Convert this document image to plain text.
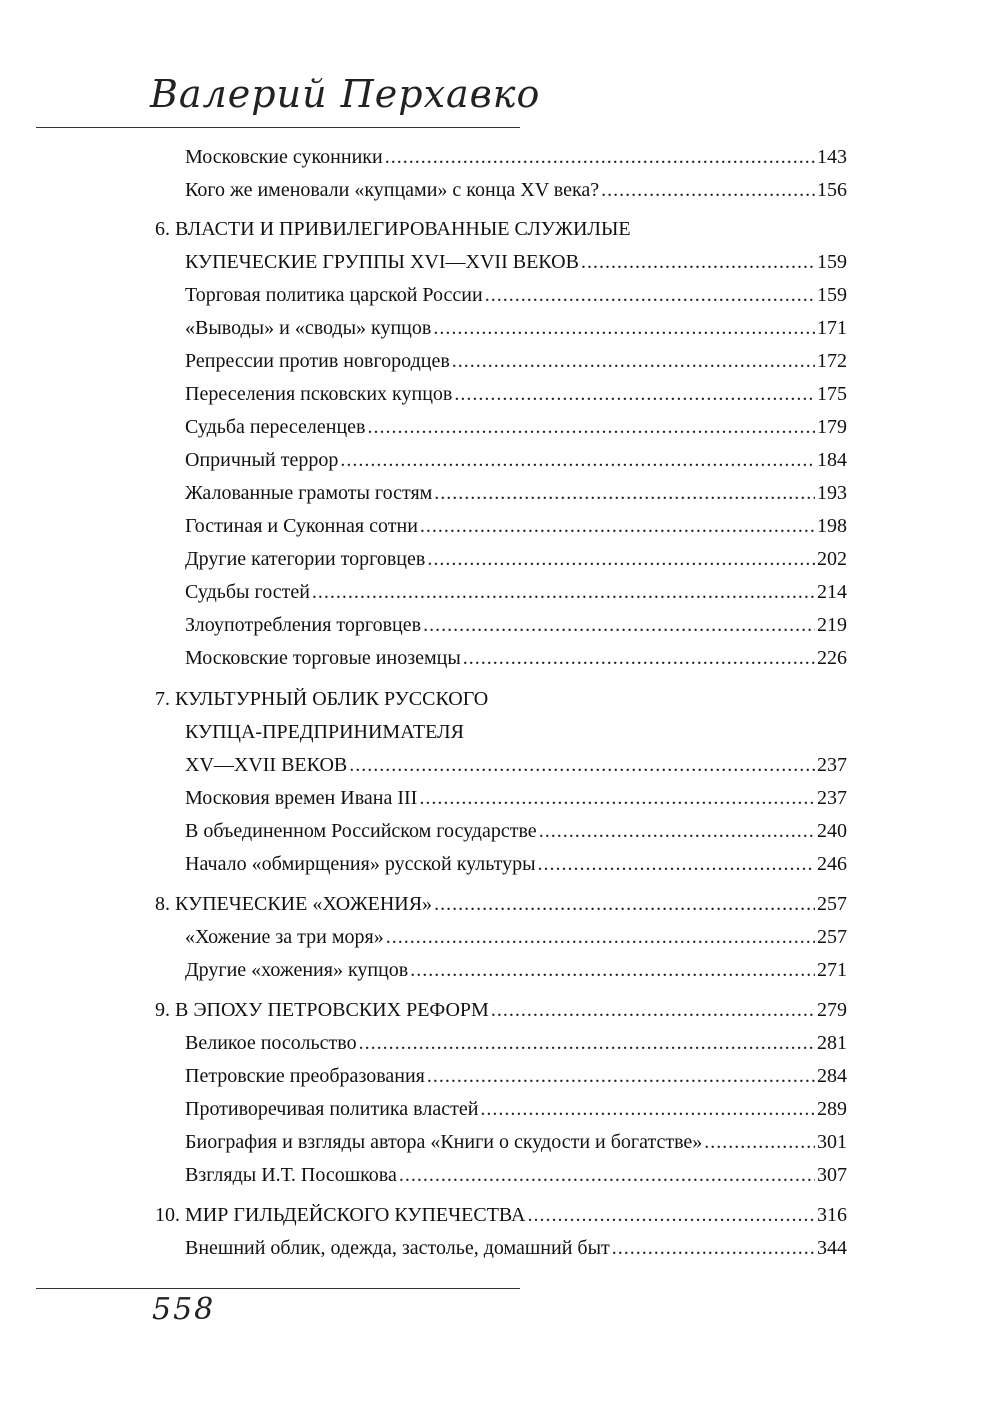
Валерий Перхавко
Московские суконники .....	143
Кого же именовали «купцами» с конца XV века? .....	156
6. ВЛАСТИ И ПРИВИЛЕГИРОВАННЫЕ СЛУЖИЛЫЕ
КУПЕЧЕСКИЕ ГРУППЫ XVI—XVII ВЕКОВ .....	159
Торговая политика царской России .....	159
«Выводы» и «своды» купцов .....	171
Репрессии против новгородцев .....	172
Переселения псковских купцов .....	175
Судьба переселенцев .....	179
Опричный террор .....	184
Жалованные грамоты гостям .....	193
Гостиная и Суконная сотни .....	198
Другие категории торговцев .....	202
Судьбы гостей .....	214
Злоупотребления торговцев .....	219
Московские торговые иноземцы .....	226
7. КУЛЬТУРНЫЙ ОБЛИК РУССКОГО
КУПЦА-ПРЕДПРИНИМАТЕЛЯ
XV—XVII ВЕКОВ .....	237
Московия времен Ивана III .....	237
В объединенном Российском государстве .....	240
Начало «обмирщения» русской культуры .....	246
8. КУПЕЧЕСКИЕ «ХОЖЕНИЯ» .....	257
«Хожение за три моря» .....	257
Другие «хожения» купцов .....	271
9. В ЭПОХУ ПЕТРОВСКИХ РЕФОРМ .....	279
Великое посольство .....	281
Петровские преобразования .....	284
Противоречивая политика властей .....	289
Биография и взгляды автора «Книги о скудости и богатстве» .....	301
Взгляды И.Т. Посошкова .....	307
10. МИР ГИЛЬДЕЙСКОГО КУПЕЧЕСТВА .....	316
Внешний облик, одежда, застолье, домашний быт .....	344
558
